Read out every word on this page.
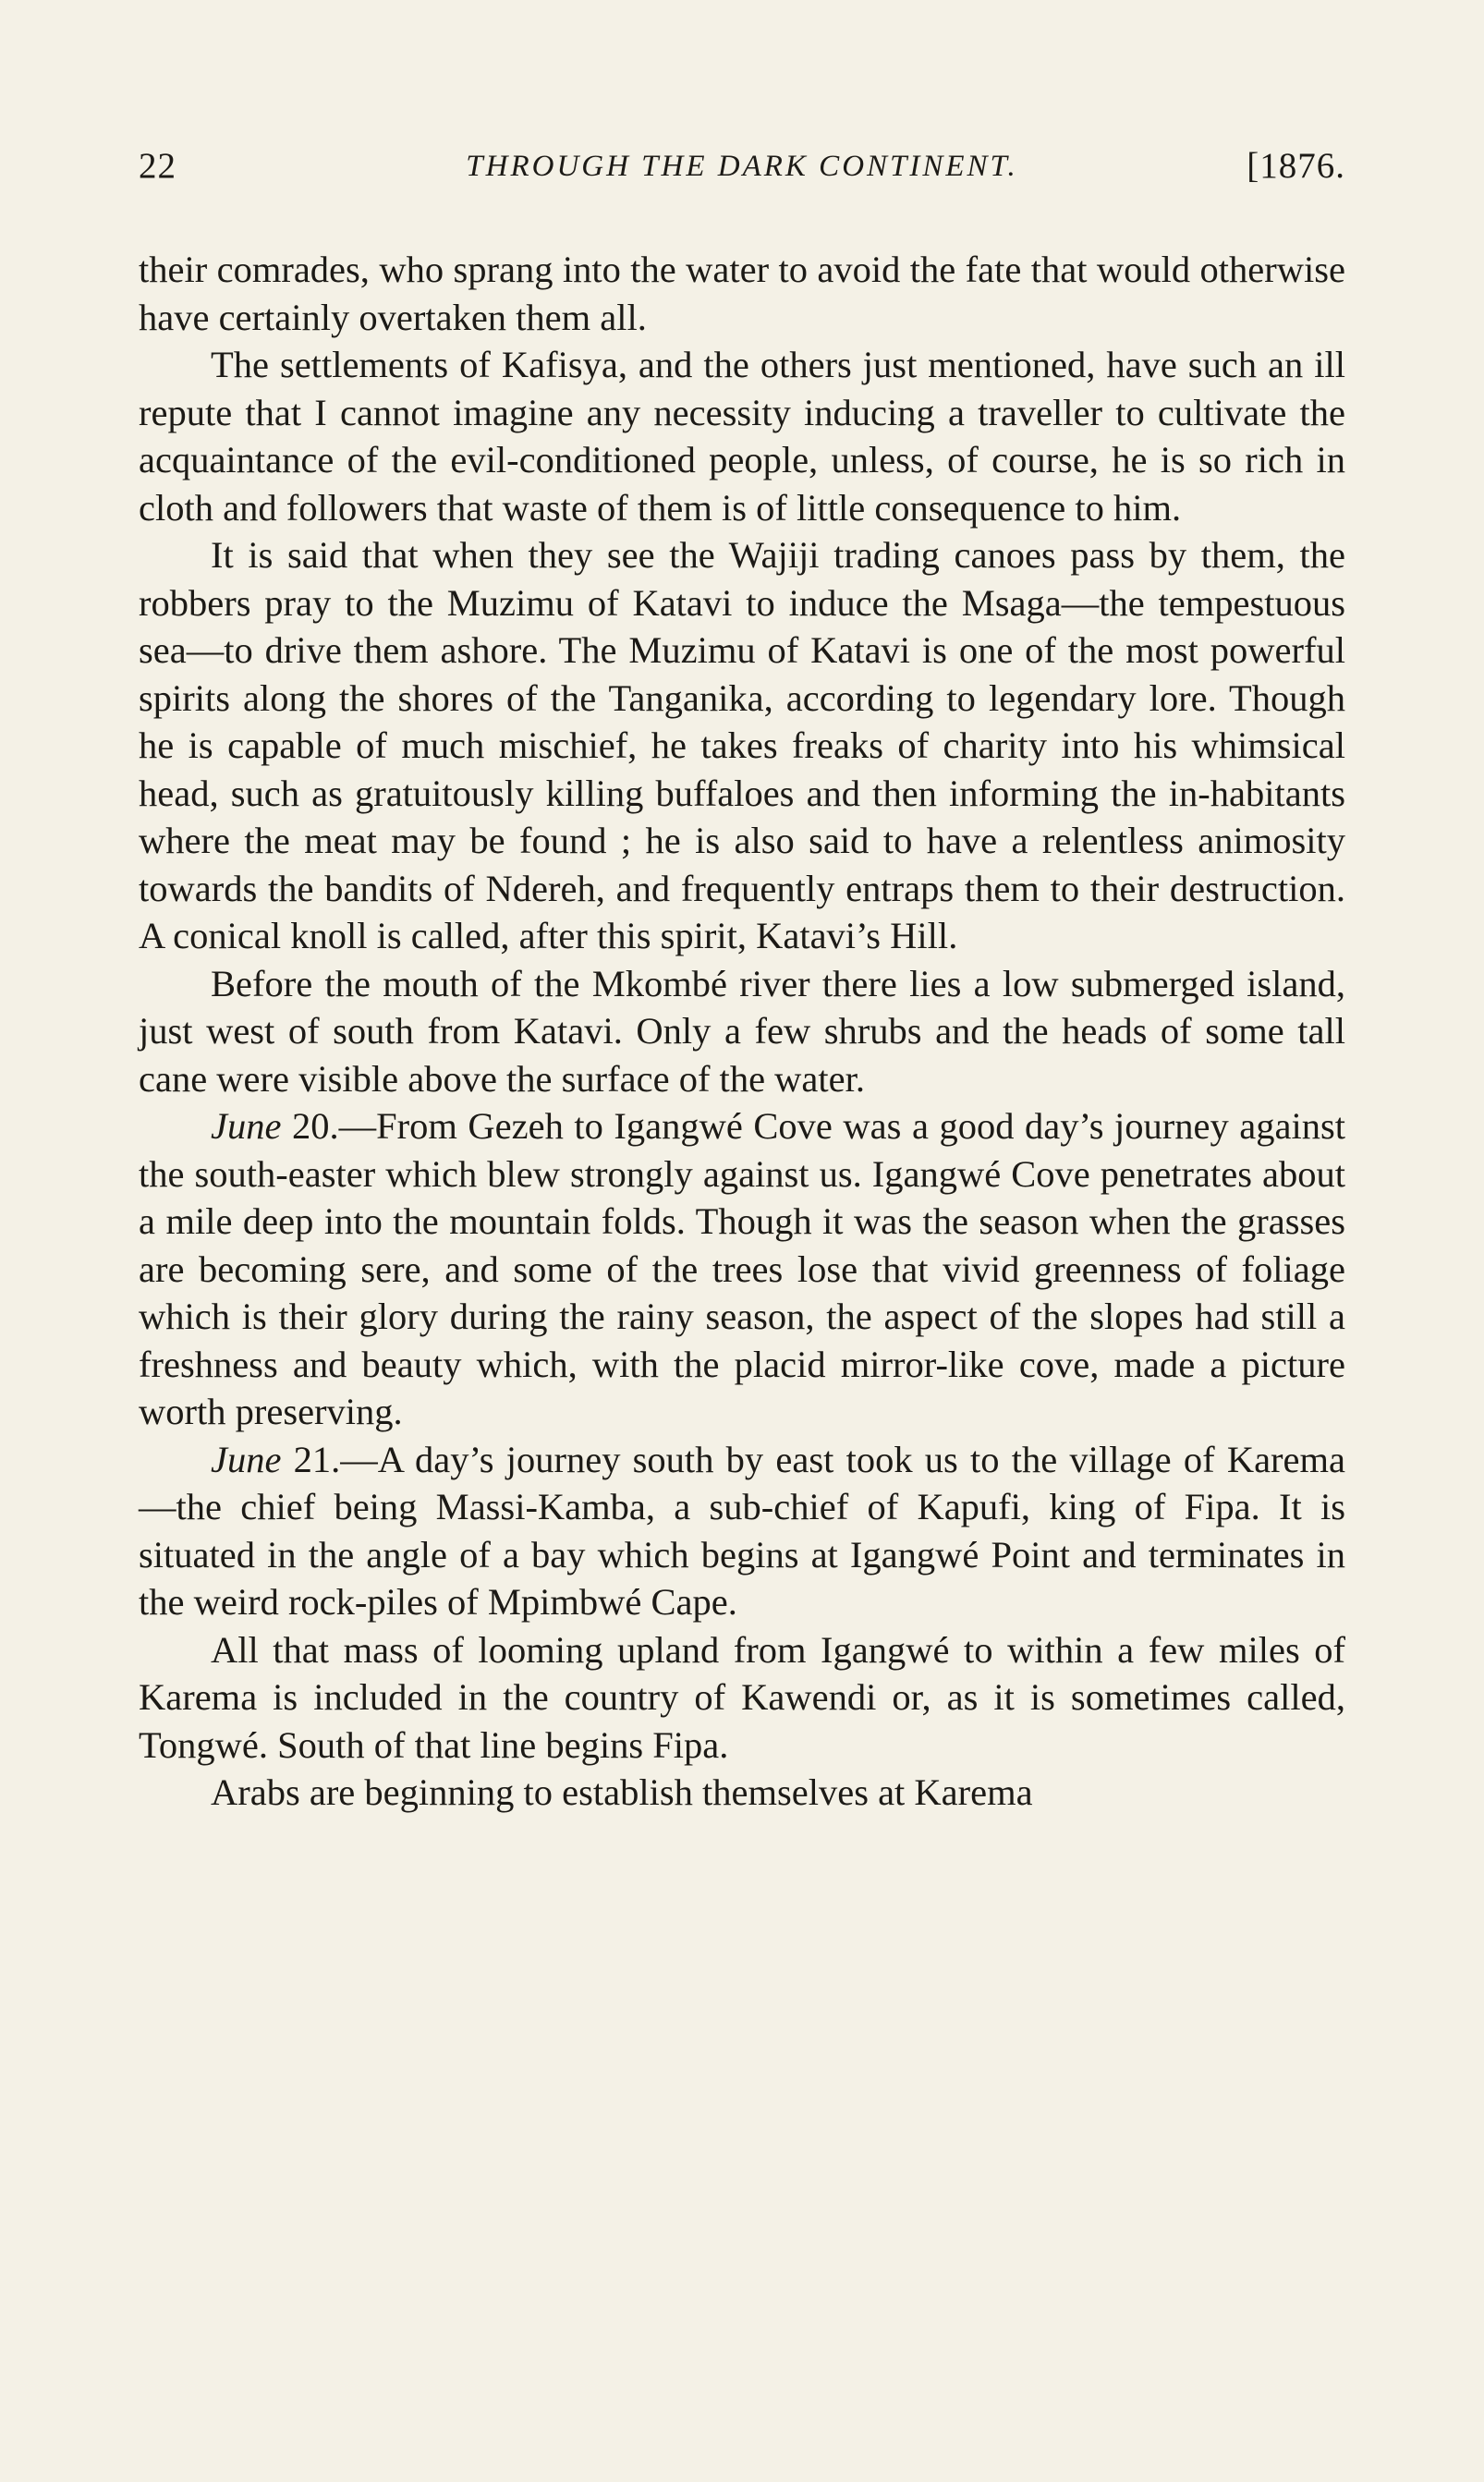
22	THROUGH THE DARK CONTINENT.	[1876.

their comrades, who sprang into the water to avoid the fate that would otherwise have certainly overtaken them all.

The settlements of Kafisya, and the others just mentioned, have such an ill repute that I cannot imagine any necessity inducing a traveller to cultivate the acquaintance of the evil-conditioned people, unless, of course, he is so rich in cloth and followers that waste of them is of little consequence to him.

It is said that when they see the Wajiji trading canoes pass by them, the robbers pray to the Muzimu of Katavi to induce the Msaga—the tempestuous sea—to drive them ashore. The Muzimu of Katavi is one of the most powerful spirits along the shores of the Tanganika, according to legendary lore. Though he is capable of much mischief, he takes freaks of charity into his whimsical head, such as gratuitously killing buffaloes and then informing the in-habitants where the meat may be found ; he is also said to have a relentless animosity towards the bandits of Ndereh, and frequently entraps them to their destruction. A conical knoll is called, after this spirit, Katavi’s Hill.

Before the mouth of the Mkombé river there lies a low submerged island, just west of south from Katavi. Only a few shrubs and the heads of some tall cane were visible above the surface of the water.

June 20.—From Gezeh to Igangwé Cove was a good day’s journey against the south-easter which blew strongly against us. Igangwé Cove penetrates about a mile deep into the mountain folds. Though it was the season when the grasses are becoming sere, and some of the trees lose that vivid greenness of foliage which is their glory during the rainy season, the aspect of the slopes had still a freshness and beauty which, with the placid mirror-like cove, made a picture worth preserving.

June 21.—A day’s journey south by east took us to the village of Karema—the chief being Massi-Kamba, a sub-chief of Kapufi, king of Fipa. It is situated in the angle of a bay which begins at Igangwé Point and terminates in the weird rock-piles of Mpimbwé Cape.

All that mass of looming upland from Igangwé to within a few miles of Karema is included in the country of Kawendi or, as it is sometimes called, Tongwé. South of that line begins Fipa.

Arabs are beginning to establish themselves at Karema
